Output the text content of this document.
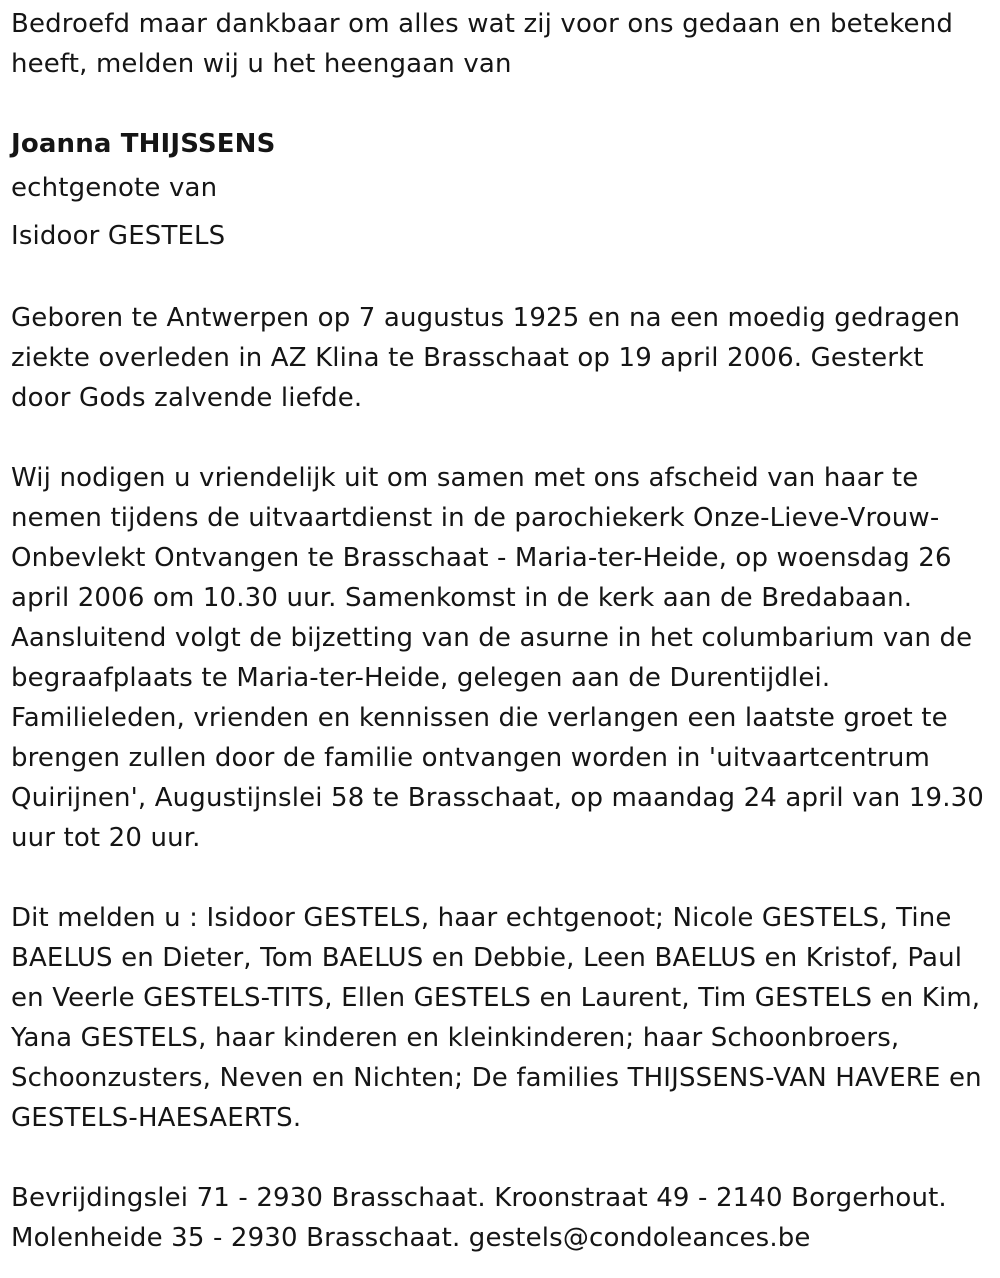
Bedroefd maar dankbaar om alles wat zij voor ons gedaan en betekend heeft, melden wij u het heengaan van

Joanna THIJSSENS

echtgenote van

Isidoor GESTELS

Geboren te Antwerpen op 7 augustus 1925 en na een moedig gedragen ziekte overleden in AZ Klina te Brasschaat op 19 april 2006. Gesterkt door Gods zalvende liefde.

Wij nodigen u vriendelijk uit om samen met ons afscheid van haar te nemen tijdens de uitvaartdienst in de parochiekerk Onze-Lieve-Vrouw-Onbevlekt Ontvangen te Brasschaat - Maria-ter-Heide, op woensdag 26 april 2006 om 10.30 uur. Samenkomst in de kerk aan de Bredabaan. Aansluitend volgt de bijzetting van de asurne in het columbarium van de begraafplaats te Maria-ter-Heide, gelegen aan de Durentijdlei. Familieleden, vrienden en kennissen die verlangen een laatste groet te brengen zullen door de familie ontvangen worden in 'uitvaartcentrum Quirijnen', Augustijnslei 58 te Brasschaat, op maandag 24 april van 19.30 uur tot 20 uur.

Dit melden u : Isidoor GESTELS, haar echtgenoot; Nicole GESTELS, Tine BAELUS en Dieter, Tom BAELUS en Debbie, Leen BAELUS en Kristof, Paul en Veerle GESTELS-TITS, Ellen GESTELS en Laurent, Tim GESTELS en Kim, Yana GESTELS, haar kinderen en kleinkinderen; haar Schoonbroers, Schoonzusters, Neven en Nichten; De families THIJSSENS-VAN HAVERE en GESTELS-HAESAERTS.

Bevrijdingslei 71 - 2930 Brasschaat. Kroonstraat 49 - 2140 Borgerhout. Molenheide 35 - 2930 Brasschaat. gestels@condoleances.be
